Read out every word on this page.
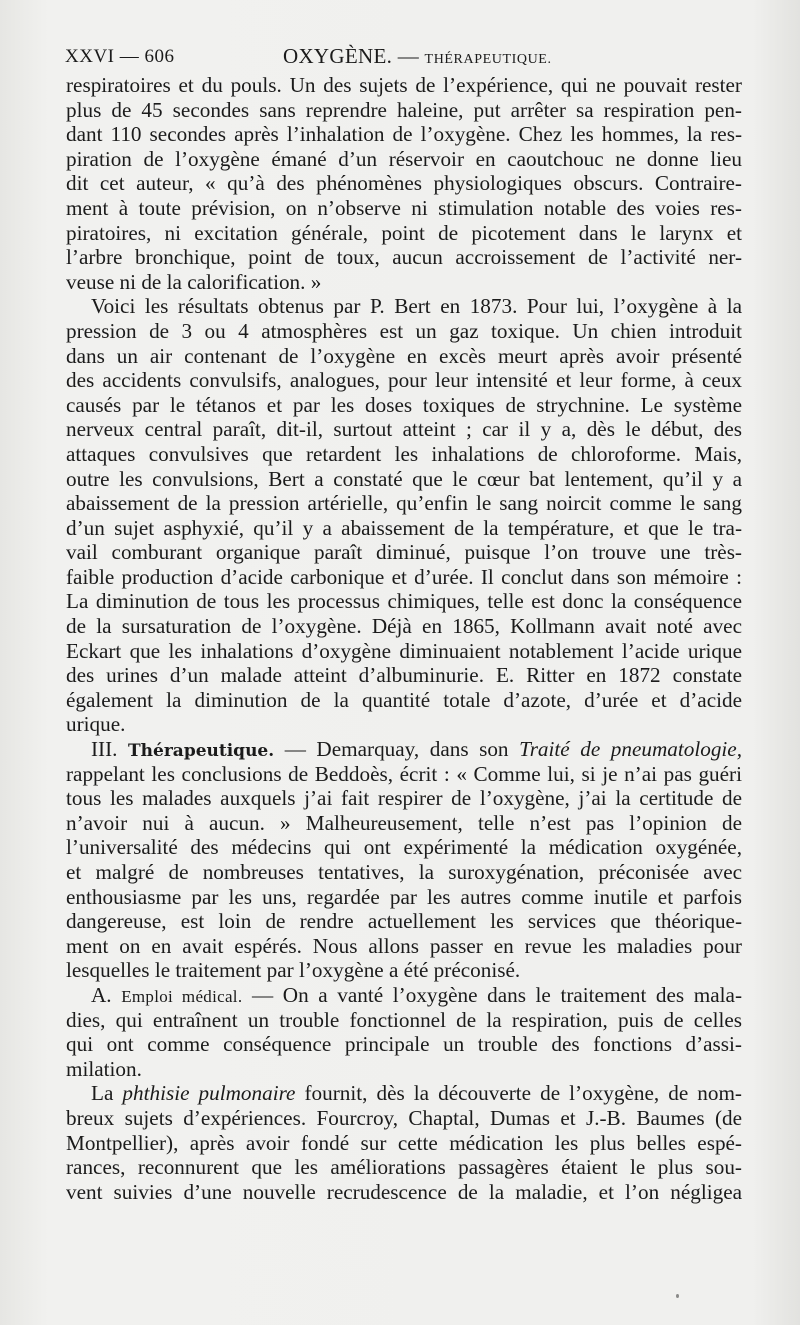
XXVI — 606	OXYGÈNE. — THÉRAPEUTIQUE.
respiratoires et du pouls. Un des sujets de l’expérience, qui ne pouvait rester
plus de 45 secondes sans reprendre haleine, put arrêter sa respiration pen-
dant 110 secondes après l’inhalation de l’oxygène. Chez les hommes, la res-
piration de l’oxygène émané d’un réservoir en caoutchouc ne donne lieu
dit cet auteur, « qu’à des phénomènes physiologiques obscurs. Contraire-
ment à toute prévision, on n’observe ni stimulation notable des voies res-
piratoires, ni excitation générale, point de picotement dans le larynx et
l’arbre bronchique, point de toux, aucun accroissement de l’activité ner-
veuse ni de la calorification. »
Voici les résultats obtenus par P. Bert en 1873. Pour lui, l’oxygène à la
pression de 3 ou 4 atmosphères est un gaz toxique. Un chien introduit
dans un air contenant de l’oxygène en excès meurt après avoir présenté
des accidents convulsifs, analogues, pour leur intensité et leur forme, à ceux
causés par le tétanos et par les doses toxiques de strychnine. Le système
nerveux central paraît, dit-il, surtout atteint ; car il y a, dès le début, des
attaques convulsives que retardent les inhalations de chloroforme. Mais,
outre les convulsions, Bert a constaté que le cœur bat lentement, qu’il y a
abaissement de la pression artérielle, qu’enfin le sang noircit comme le sang
d’un sujet asphyxié, qu’il y a abaissement de la température, et que le tra-
vail comburant organique paraît diminué, puisque l’on trouve une très-
faible production d’acide carbonique et d’urée. Il conclut dans son mémoire :
La diminution de tous les processus chimiques, telle est donc la conséquence
de la sursaturation de l’oxygène. Déjà en 1865, Kollmann avait noté avec
Eckart que les inhalations d’oxygène diminuaient notablement l’acide urique
des urines d’un malade atteint d’albuminurie. E. Ritter en 1872 constate
également la diminution de la quantité totale d’azote, d’urée et d’acide
urique.
III. Thérapeutique. — Demarquay, dans son Traité de pneumatologie,
rappelant les conclusions de Beddoès, écrit : « Comme lui, si je n’ai pas guéri
tous les malades auxquels j’ai fait respirer de l’oxygène, j’ai la certitude de
n’avoir nui à aucun. » Malheureusement, telle n’est pas l’opinion de
l’universalité des médecins qui ont expérimenté la médication oxygénée,
et malgré de nombreuses tentatives, la suroxygénation, préconisée avec
enthousiasme par les uns, regardée par les autres comme inutile et parfois
dangereuse, est loin de rendre actuellement les services que théorique-
ment on en avait espérés. Nous allons passer en revue les maladies pour
lesquelles le traitement par l’oxygène a été préconisé.
A. Emploi médical. — On a vanté l’oxygène dans le traitement des mala-
dies, qui entraînent un trouble fonctionnel de la respiration, puis de celles
qui ont comme conséquence principale un trouble des fonctions d’assi-
milation.
La phthisie pulmonaire fournit, dès la découverte de l’oxygène, de nom-
breux sujets d’expériences. Fourcroy, Chaptal, Dumas et J.-B. Baumes (de
Montpellier), après avoir fondé sur cette médication les plus belles espé-
rances, reconnurent que les améliorations passagères étaient le plus sou-
vent suivies d’une nouvelle recrudescence de la maladie, et l’on négligea
